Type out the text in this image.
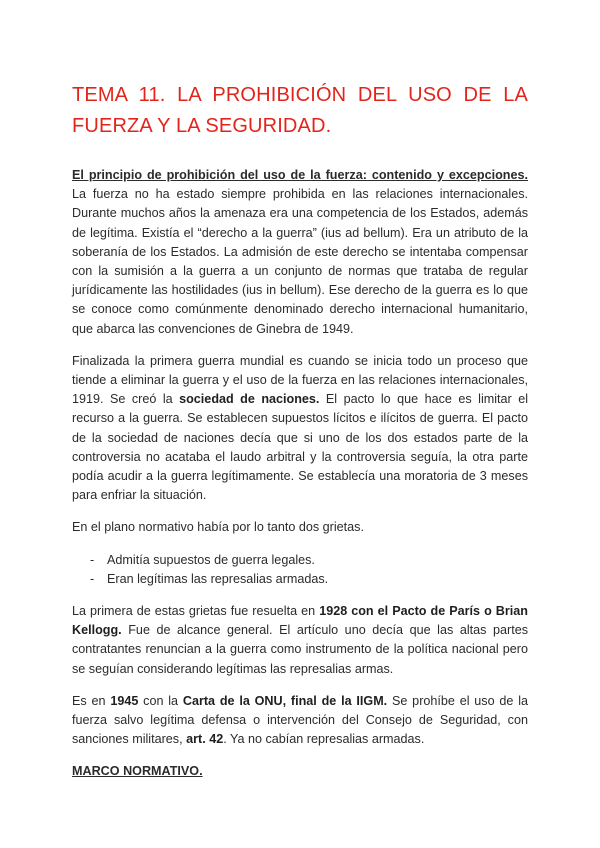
TEMA 11. LA PROHIBICIÓN DEL USO DE LA FUERZA Y LA SEGURIDAD.

El principio de prohibición del uso de la fuerza: contenido y excepciones. La fuerza no ha estado siempre prohibida en las relaciones internacionales. Durante muchos años la amenaza era una competencia de los Estados, además de legítima. Existía el “derecho a la guerra” (ius ad bellum). Era un atributo de la soberanía de los Estados. La admisión de este derecho se intentaba compensar con la sumisión a la guerra a un conjunto de normas que trataba de regular jurídicamente las hostilidades (ius in bellum). Ese derecho de la guerra es lo que se conoce como comúnmente denominado derecho internacional humanitario, que abarca las convenciones de Ginebra de 1949.

Finalizada la primera guerra mundial es cuando se inicia todo un proceso que tiende a eliminar la guerra y el uso de la fuerza en las relaciones internacionales, 1919. Se creó la sociedad de naciones. El pacto lo que hace es limitar el recurso a la guerra. Se establecen supuestos lícitos e ilícitos de guerra. El pacto de la sociedad de naciones decía que si uno de los dos estados parte de la controversia no acataba el laudo arbitral y la controversia seguía, la otra parte podía acudir a la guerra legítimamente. Se establecía una moratoria de 3 meses para enfriar la situación.

En el plano normativo había por lo tanto dos grietas.

- Admitía supuestos de guerra legales.
- Eran legítimas las represalias armadas.

La primera de estas grietas fue resuelta en 1928 con el Pacto de París o Brian Kellogg. Fue de alcance general. El artículo uno decía que las altas partes contratantes renuncian a la guerra como instrumento de la política nacional pero se seguían considerando legítimas las represalias armas.

Es en 1945 con la Carta de la ONU, final de la IIGM. Se prohíbe el uso de la fuerza salvo legítima defensa o intervención del Consejo de Seguridad, con sanciones militares, art. 42. Ya no cabían represalias armadas.

MARCO NORMATIVO.
